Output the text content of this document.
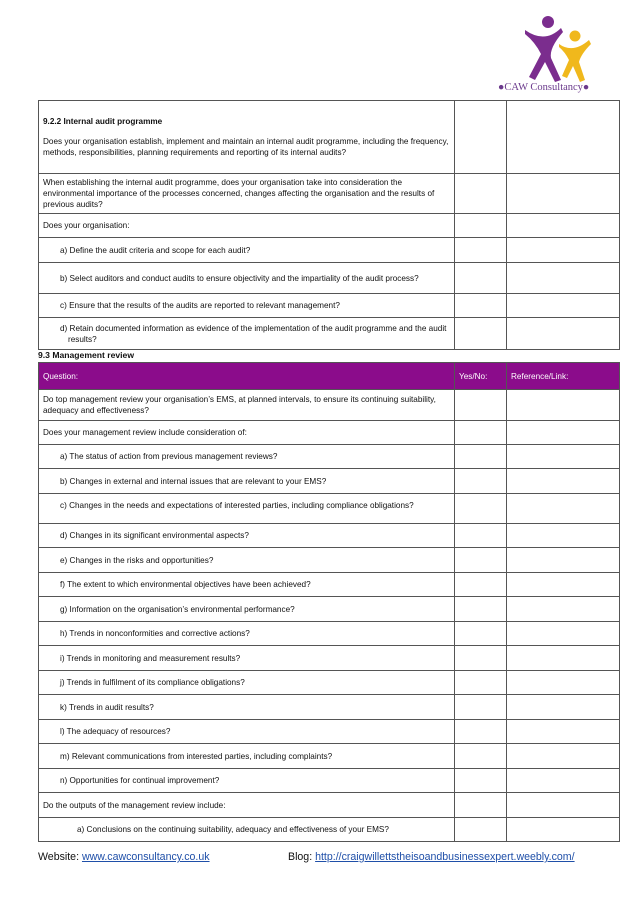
●CAW Consultancy●
9.2.2 Internal audit programme
Does your organisation establish, implement and maintain an internal audit programme, including the frequency, methods, responsibilities, planning requirements and reporting of its internal audits?		
When establishing the internal audit programme, does your organisation take into consideration the environmental importance of the processes concerned, changes affecting the organisation and the results of previous audits?		
Does your organisation:		
a) Define the audit criteria and scope for each audit?		

b) Select auditors and conduct audits to ensure objectivity and the impartiality of the audit process?		

c) Ensure that the results of the audits are reported to relevant management?		

d) Retain documented information as evidence of the implementation of the audit programme and the audit results?		

9.3 Management review
Question:	Yes/No:	Reference/Link:
Do top management review your organisation’s EMS, at planned intervals, to ensure its continuing suitability, adequacy and effectiveness?		
Does your management review include consideration of:		
a) The status of action from previous management reviews?		
b) Changes in external and internal issues that are relevant to your EMS?		
c) Changes in the needs and expectations of interested parties, including compliance obligations?		
d) Changes in its significant environmental aspects?		
e) Changes in the risks and opportunities?		
f) The extent to which environmental objectives have been achieved?		
g) Information on the organisation’s environmental performance?		
h) Trends in nonconformities and corrective actions?		
i) Trends in monitoring and measurement results?		
j) Trends in fulfilment of its compliance obligations?		
k) Trends in audit results?		
l) The adequacy of resources?		
m) Relevant communications from interested parties, including complaints?		
n) Opportunities for continual improvement?		
Do the outputs of the management review include:		
a) Conclusions on the continuing suitability, adequacy and effectiveness of your EMS?		
Website: www.cawconsultancy.co.uk	Blog: http://craigwillettstheisoandbusinessexpert.weebly.com/
